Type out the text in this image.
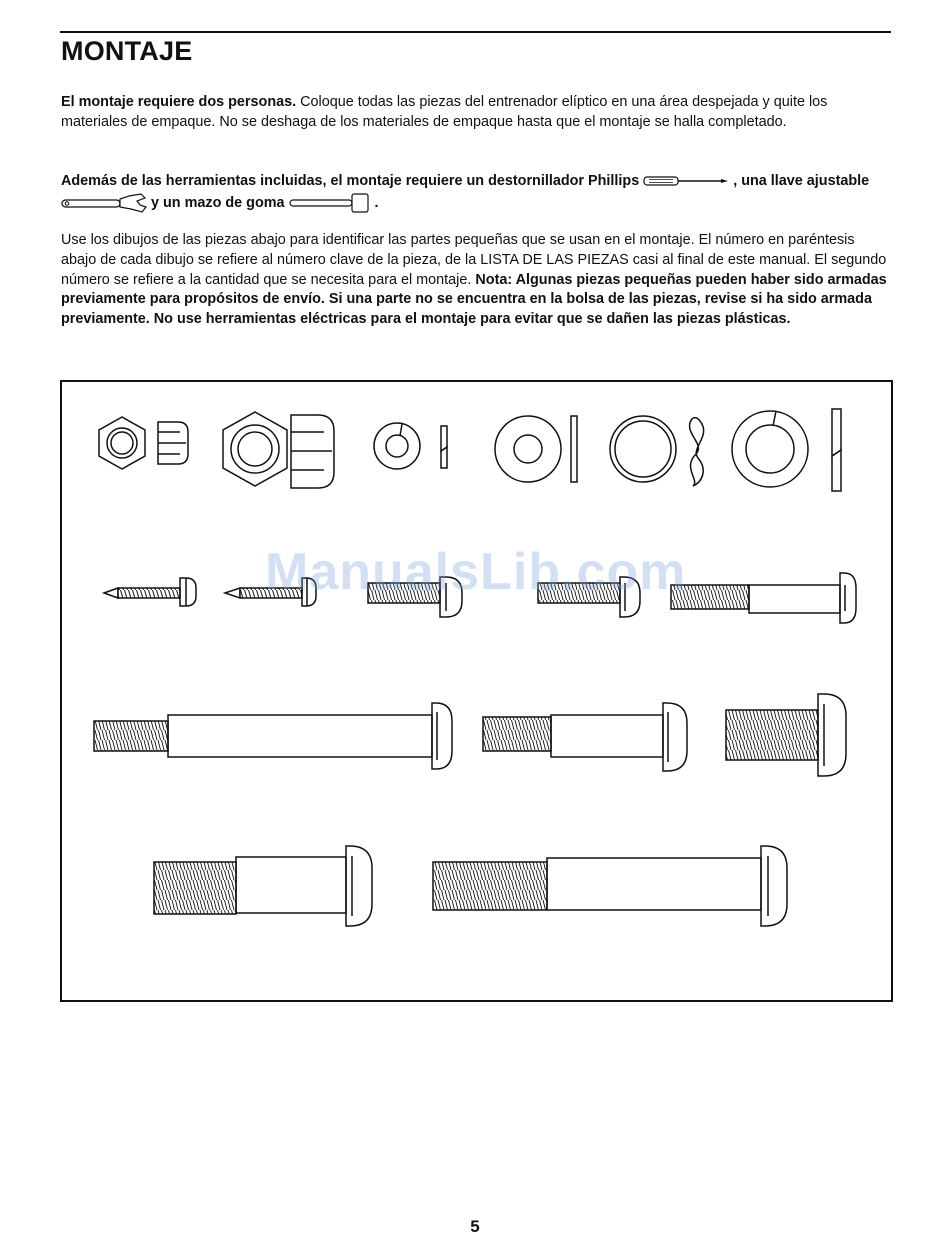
MONTAJE

El montaje requiere dos personas. Coloque todas las piezas del entrenador elíptico en una área despejada y quite los materiales de empaque. No se deshaga de los materiales de empaque hasta que el montaje se halla completado.

Además de las herramientas incluidas, el montaje requiere un destornillador Phillips	, una llave ajustable y un mazo de goma	.

Use los dibujos de las piezas abajo para identificar las partes pequeñas que se usan en el montaje. El número en paréntesis abajo de cada dibujo se refiere al número clave de la pieza, de la LISTA DE LAS PIEZAS casi al final de este manual. El segundo número se refiere a la cantidad que se necesita para el montaje. Nota: Algunas piezas pequeñas pueden haber sido armadas previamente para propósitos de envío. Si una parte no se encuentra en la bolsa de las piezas, revise si ha sido armada previamente. No use herramientas eléctricas para el montaje para evitar que se dañen las piezas plásticas.

ManualsLib.com

5
